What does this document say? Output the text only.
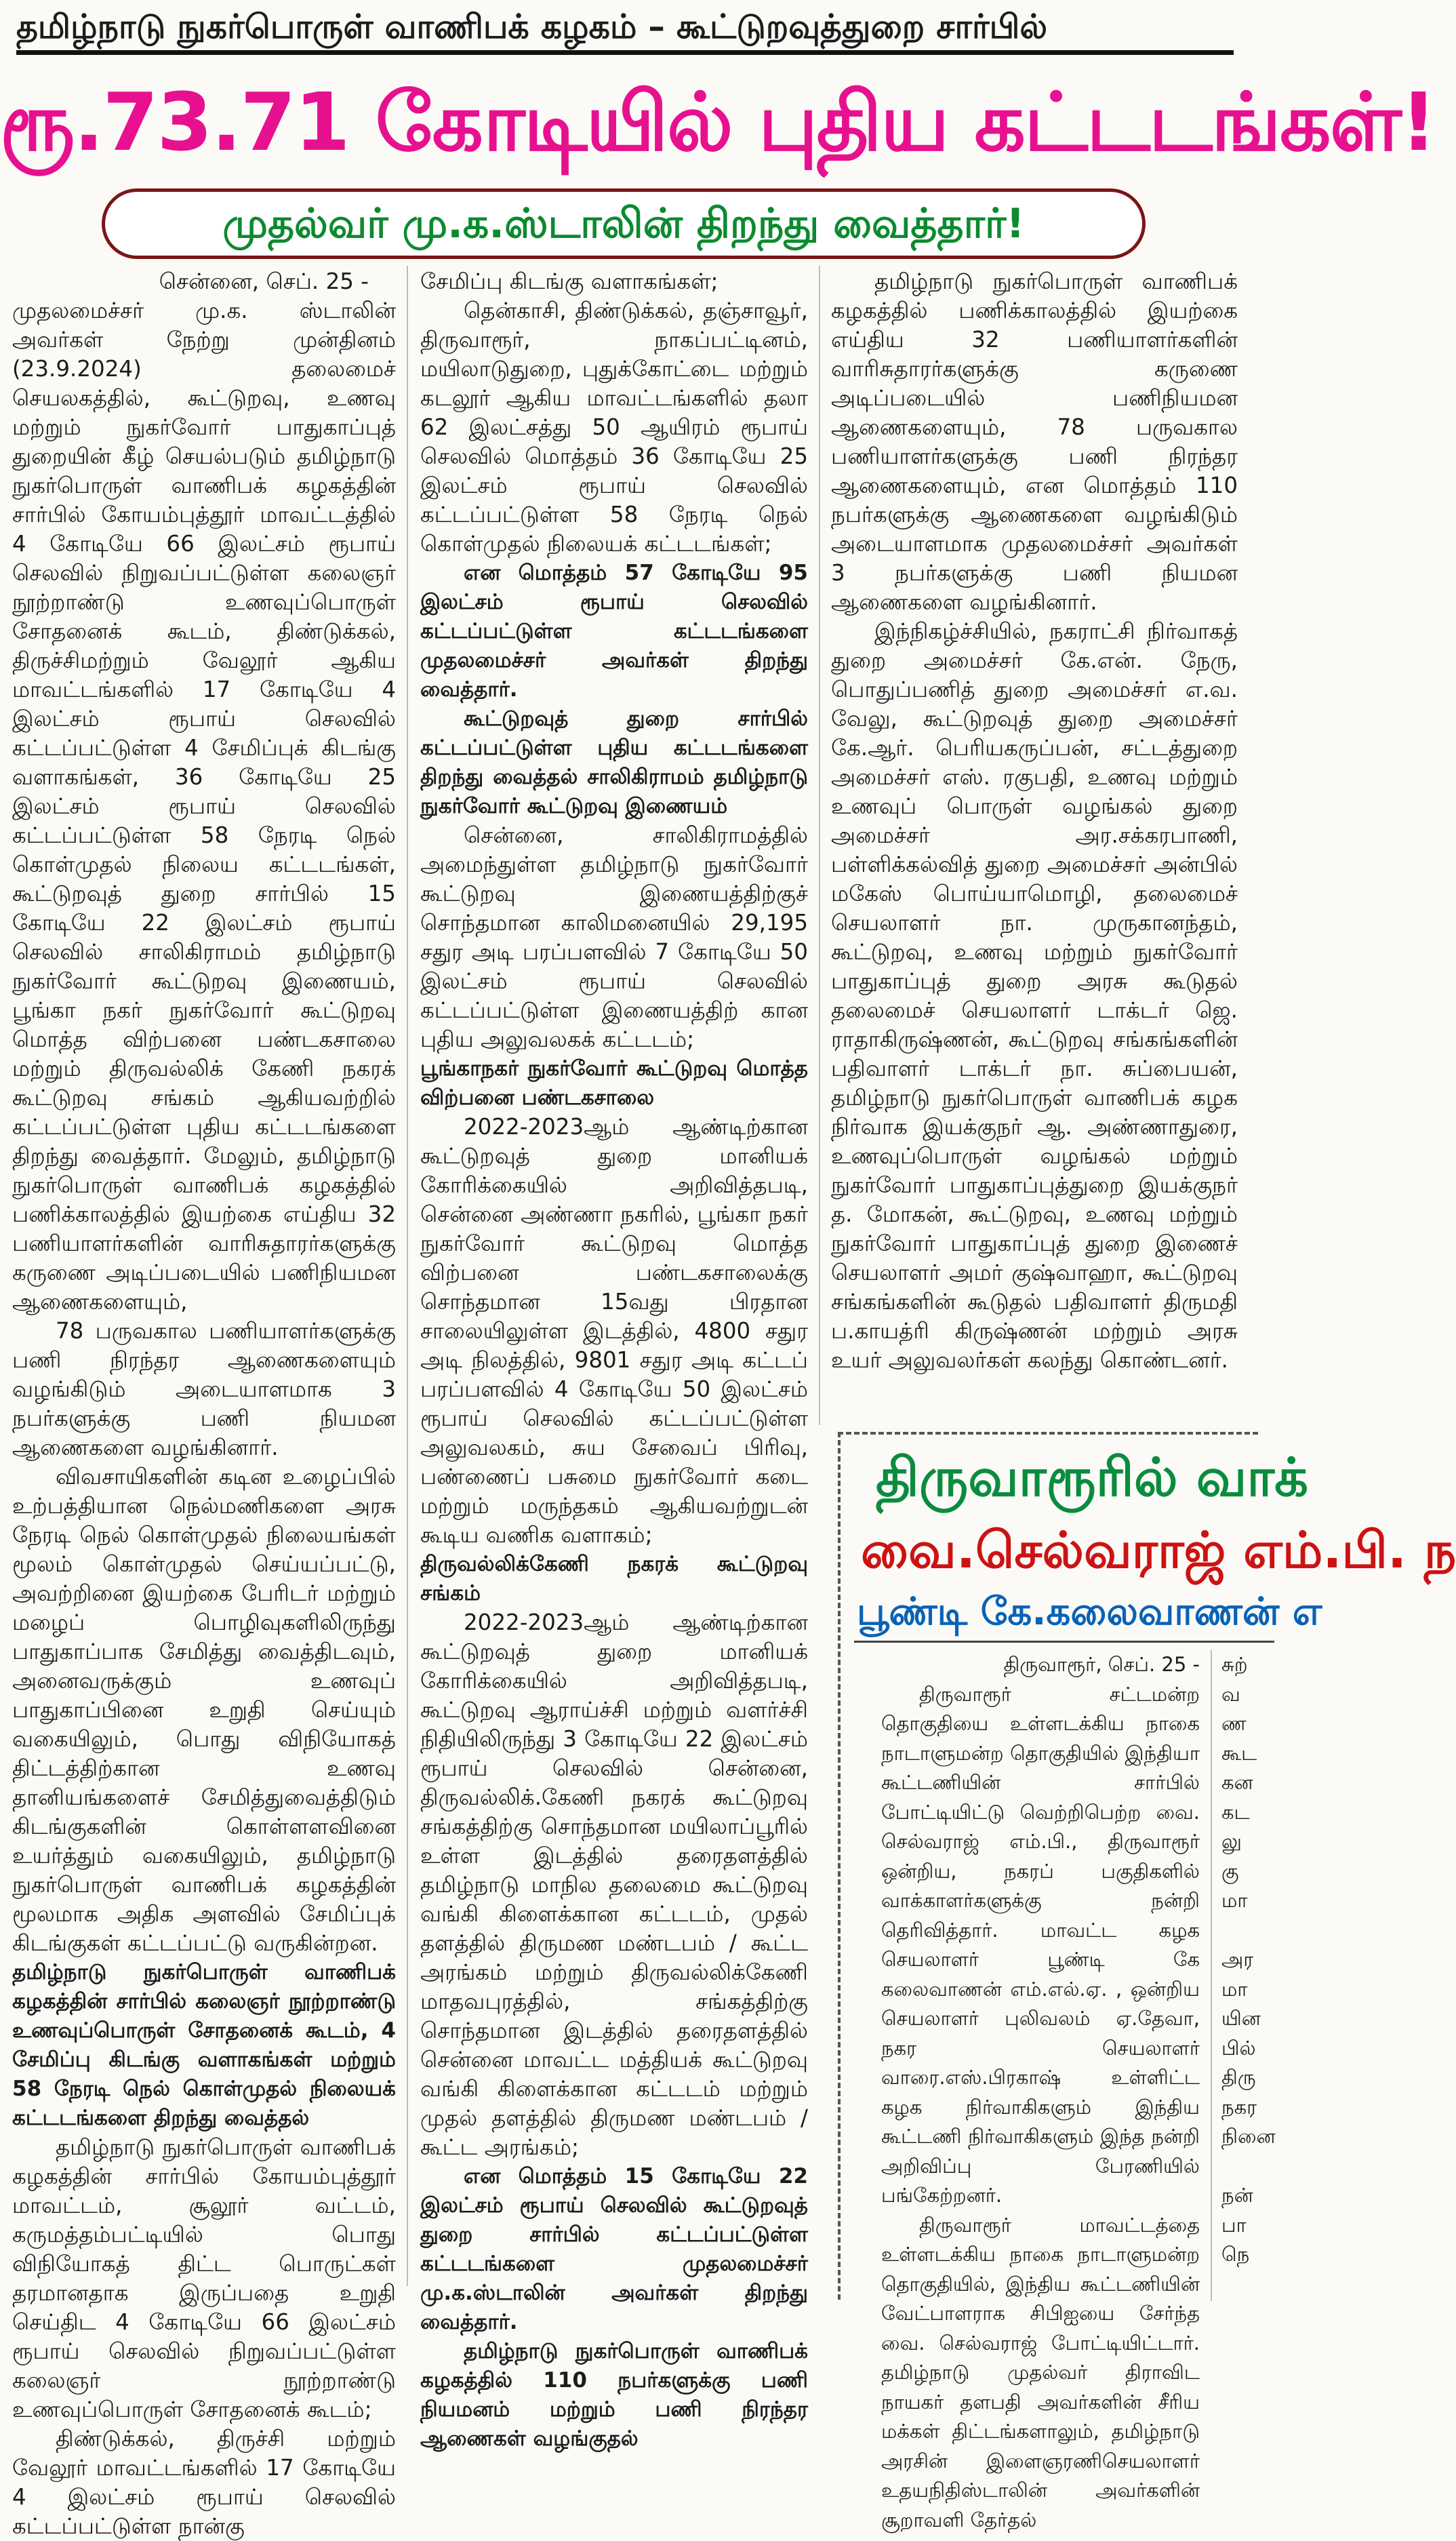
தமிழ்நாடு நுகர்பொருள் வாணிபக் கழகம் – கூட்டுறவுத்துறை சார்பில்
ரூ.73.71 கோடியில் புதிய கட்டடங்கள்!
முதல்வர் மு.க.ஸ்டாலின் திறந்து வைத்தார்!

சென்னை, செப். 25 -

முதலமைச்சர் மு.க. ஸ்டாலின் அவர்கள் நேற்று முன்தினம் (23.9.2024) தலைமைச் செயலகத்தில், கூட்டுறவு, உணவு மற்றும் நுகர்வோர் பாதுகாப்புத் துறையின் கீழ் செயல்படும் தமிழ்நாடு நுகர்பொருள் வாணிபக் கழகத்தின் சார்பில் கோயம்புத்தூர் மாவட்டத்தில் 4 கோடியே 66 இலட்சம் ரூபாய் செலவில் நிறுவப்பட்டுள்ள கலைஞர் நூற்றாண்டு உணவுப்பொருள் சோதனைக் கூடம், திண்டுக்கல், திருச்சிமற்றும் வேலூர் ஆகிய மாவட்டங்களில் 17 கோடியே 4 இலட்சம் ரூபாய் செலவில் கட்டப்பட்டுள்ள 4 சேமிப்புக் கிடங்கு வளாகங்கள், 36 கோடியே 25 இலட்சம் ரூபாய் செலவில் கட்டப்பட்டுள்ள 58 நேரடி நெல் கொள்முதல் நிலைய கட்டடங்கள், கூட்டுறவுத் துறை சார்பில் 15 கோடியே 22 இலட்சம் ரூபாய் செலவில் சாலிகிராமம் தமிழ்நாடு நுகர்வோர் கூட்டுறவு இணையம், பூங்கா நகர் நுகர்வோர் கூட்டுறவு மொத்த விற்பனை பண்டகசாலை மற்றும் திருவல்லிக் கேணி நகரக் கூட்டுறவு சங்கம் ஆகியவற்றில் கட்டப்பட்டுள்ள புதிய கட்டடங்களை திறந்து வைத்தார். மேலும், தமிழ்நாடு நுகர்பொருள் வாணிபக் கழகத்தில் பணிக்காலத்தில் இயற்கை எய்திய 32 பணியாளர்களின் வாரிசுதாரர்களுக்கு கருணை அடிப்படையில் பணிநியமன ஆணைகளையும்,

78 பருவகால பணியாளர்களுக்கு பணி நிரந்தர ஆணைகளையும் வழங்கிடும் அடையாளமாக 3 நபர்களுக்கு பணி நியமன ஆணைகளை வழங்கினார்.

விவசாயிகளின் கடின உழைப்பில் உற்பத்தியான நெல்மணிகளை அரசு நேரடி நெல் கொள்முதல் நிலையங்கள் மூலம் கொள்முதல் செய்யப்பட்டு, அவற்றினை இயற்கை பேரிடர் மற்றும் மழைப் பொழிவுகளிலிருந்து பாதுகாப்பாக சேமித்து வைத்திடவும், அனைவருக்கும் உணவுப் பாதுகாப்பினை உறுதி செய்யும் வகையிலும், பொது விநியோகத் திட்டத்திற்கான உணவு தானியங்களைச் சேமித்துவைத்திடும் கிடங்குகளின் கொள்ளளவினை உயர்த்தும் வகையிலும், தமிழ்நாடு நுகர்பொருள் வாணிபக் கழகத்தின் மூலமாக அதிக அளவில் சேமிப்புக் கிடங்குகள் கட்டப்பட்டு வருகின்றன.

தமிழ்நாடு நுகர்பொருள் வாணிபக் கழகத்தின் சார்பில் கலைஞர் நூற்றாண்டு உணவுப்பொருள் சோதனைக் கூடம், 4 சேமிப்பு கிடங்கு வளாகங்கள் மற்றும் 58 நேரடி நெல் கொள்முதல் நிலையக் கட்டடங்களை திறந்து வைத்தல்

தமிழ்நாடு நுகர்பொருள் வாணிபக் கழகத்தின் சார்பில் கோயம்புத்தூர் மாவட்டம், சூலூர் வட்டம், கருமத்தம்பட்டியில் பொது விநியோகத் திட்ட பொருட்கள் தரமானதாக இருப்பதை உறுதி செய்திட 4 கோடியே 66 இலட்சம் ரூபாய் செலவில் நிறுவப்பட்டுள்ள கலைஞர் நூற்றாண்டு உணவுப்பொருள் சோதனைக் கூடம்;

திண்டுக்கல், திருச்சி மற்றும் வேலூர் மாவட்டங்களில் 17 கோடியே 4 இலட்சம் ரூபாய் செலவில் கட்டப்பட்டுள்ள நான்கு

சேமிப்பு கிடங்கு வளாகங்கள்;

தென்காசி, திண்டுக்கல், தஞ்சாவூர், திருவாரூர், நாகப்பட்டினம், மயிலாடுதுறை, புதுக்கோட்டை மற்றும் கடலூர் ஆகிய மாவட்டங்களில் தலா 62 இலட்சத்து 50 ஆயிரம் ரூபாய் செலவில் மொத்தம் 36 கோடியே 25 இலட்சம் ரூபாய் செலவில் கட்டப்பட்டுள்ள 58 நேரடி நெல் கொள்முதல் நிலையக் கட்டடங்கள்;

என மொத்தம் 57 கோடியே 95 இலட்சம் ரூபாய் செலவில் கட்டப்பட்டுள்ள கட்டடங்களை முதலமைச்சர் அவர்கள் திறந்து வைத்தார்.

கூட்டுறவுத் துறை சார்பில் கட்டப்பட்டுள்ள புதிய கட்டடங்களை திறந்து வைத்தல் சாலிகிராமம் தமிழ்நாடு நுகர்வோர் கூட்டுறவு இணையம்

சென்னை, சாலிகிராமத்தில் அமைந்துள்ள தமிழ்நாடு நுகர்வோர் கூட்டுறவு இணையத்திற்குச் சொந்தமான காலிமனையில் 29,195 சதுர அடி பரப்பளவில் 7 கோடியே 50 இலட்சம் ரூபாய் செலவில் கட்டப்பட்டுள்ள இணையத்திற் கான புதிய அலுவலகக் கட்டடம்;

பூங்காநகர் நுகர்வோர் கூட்டுறவு மொத்த விற்பனை பண்டகசாலை

2022-2023ஆம் ஆண்டிற்கான கூட்டுறவுத் துறை மானியக் கோரிக்கையில் அறிவித்தபடி, சென்னை அண்ணா நகரில், பூங்கா நகர் நுகர்வோர் கூட்டுறவு மொத்த விற்பனை பண்டகசாலைக்கு சொந்தமான 15வது பிரதான சாலையிலுள்ள இடத்தில், 4800 சதுர அடி நிலத்தில், 9801 சதுர அடி கட்டப் பரப்பளவில் 4 கோடியே 50 இலட்சம் ரூபாய் செலவில் கட்டப்பட்டுள்ள அலுவலகம், சுய சேவைப் பிரிவு, பண்ணைப் பசுமை நுகர்வோர் கடை மற்றும் மருந்தகம் ஆகியவற்றுடன் கூடிய வணிக வளாகம்;

திருவல்லிக்கேணி நகரக் கூட்டுறவு சங்கம்

2022-2023ஆம் ஆண்டிற்கான கூட்டுறவுத் துறை மானியக் கோரிக்கையில் அறிவித்தபடி, கூட்டுறவு ஆராய்ச்சி மற்றும் வளர்ச்சி நிதியிலிருந்து 3 கோடியே 22 இலட்சம் ரூபாய் செலவில் சென்னை, திருவல்லிக்.கேணி நகரக் கூட்டுறவு சங்கத்திற்கு சொந்தமான மயிலாப்பூரில் உள்ள இடத்தில் தரைதளத்தில் தமிழ்நாடு மாநில தலைமை கூட்டுறவு வங்கி கிளைக்கான கட்டடம், முதல் தளத்தில் திருமண மண்டபம் / கூட்ட அரங்கம் மற்றும் திருவல்லிக்கேணி மாதவபுரத்தில், சங்கத்திற்கு சொந்தமான இடத்தில் தரைதளத்தில் சென்னை மாவட்ட மத்தியக் கூட்டுறவு வங்கி கிளைக்கான கட்டடம் மற்றும் முதல் தளத்தில் திருமண மண்டபம் / கூட்ட அரங்கம்;

என மொத்தம் 15 கோடியே 22 இலட்சம் ரூபாய் செலவில் கூட்டுறவுத் துறை சார்பில் கட்டப்பட்டுள்ள கட்டடங்களை முதலமைச்சர் மு.க.ஸ்டாலின் அவர்கள் திறந்து வைத்தார்.

தமிழ்நாடு நுகர்பொருள் வாணிபக் கழகத்தில் 110 நபர்களுக்கு பணி நியமனம் மற்றும் பணி நிரந்தர ஆணைகள் வழங்குதல்

தமிழ்நாடு நுகர்பொருள் வாணிபக் கழகத்தில் பணிக்காலத்தில் இயற்கை எய்திய 32 பணியாளர்களின் வாரிசுதாரர்களுக்கு கருணை அடிப்படையில் பணிநியமன ஆணைகளையும், 78 பருவகால பணியாளர்களுக்கு பணி நிரந்தர ஆணைகளையும், என மொத்தம் 110 நபர்களுக்கு ஆணைகளை வழங்கிடும் அடையாளமாக முதலமைச்சர் அவர்கள் 3 நபர்களுக்கு பணி நியமன ஆணைகளை வழங்கினார்.

இந்நிகழ்ச்சியில், நகராட்சி நிர்வாகத் துறை அமைச்சர் கே.என். நேரு, பொதுப்பணித் துறை அமைச்சர் எ.வ. வேலு, கூட்டுறவுத் துறை அமைச்சர் கே.ஆர். பெரியகருப்பன், சட்டத்துறை அமைச்சர் எஸ். ரகுபதி, உணவு மற்றும் உணவுப் பொருள் வழங்கல் துறை அமைச்சர் அர.சக்கரபாணி, பள்ளிக்கல்வித் துறை அமைச்சர் அன்பில் மகேஸ் பொய்யாமொழி, தலைமைச் செயலாளர் நா. முருகானந்தம், கூட்டுறவு, உணவு மற்றும் நுகர்வோர் பாதுகாப்புத் துறை அரசு கூடுதல் தலைமைச் செயலாளர் டாக்டர் ஜெ. ராதாகிருஷ்ணன், கூட்டுறவு சங்கங்களின் பதிவாளர் டாக்டர் நா. சுப்பையன், தமிழ்நாடு நுகர்பொருள் வாணிபக் கழக நிர்வாக இயக்குநர் ஆ. அண்ணாதுரை, உணவுப்பொருள் வழங்கல் மற்றும் நுகர்வோர் பாதுகாப்புத்துறை இயக்குநர் த. மோகன், கூட்டுறவு, உணவு மற்றும் நுகர்வோர் பாதுகாப்புத் துறை இணைச் செயலாளர் அமர் குஷ்வாஹா, கூட்டுறவு சங்கங்களின் கூடுதல் பதிவாளர் திருமதி ப.காயத்ரி கிருஷ்ணன் மற்றும் அரசு உயர் அலுவலர்கள் கலந்து கொண்டனர்.

திருவாரூரில் வாக்
வை.செல்வராஜ் எம்.பி. ந
பூண்டி கே.கலைவாணன் எ

திருவாரூர், செப். 25 -

திருவாரூர் சட்டமன்ற தொகுதியை உள்ளடக்கிய நாகை நாடாளுமன்ற தொகுதியில் இந்தியா கூட்டணியின் சார்பில் போட்டியிட்டு வெற்றிபெற்ற வை. செல்வராஜ் எம்.பி., திருவாரூர் ஒன்றிய, நகரப் பகுதிகளில் வாக்காளர்களுக்கு நன்றி தெரிவித்தார். மாவட்ட கழக செயலாளர் பூண்டி கே கலைவாணன் எம்.எல்.ஏ. , ஒன்றிய செயலாளர் புலிவலம் ஏ.தேவா, நகர செயலாளர் வாரை.எஸ்.பிரகாஷ் உள்ளிட்ட கழக நிர்வாகிகளும் இந்திய கூட்டணி நிர்வாகிகளும் இந்த நன்றி அறிவிப்பு பேரணியில் பங்கேற்றனர்.

திருவாரூர் மாவட்டத்தை உள்ளடக்கிய நாகை நாடாளுமன்ற தொகுதியில், இந்திய கூட்டணியின் வேட்பாளராக சிபிஐயை சேர்ந்த வை. செல்வராஜ் போட்டியிட்டார். தமிழ்நாடு முதல்வர் திராவிட நாயகர் தளபதி அவர்களின் சீரிய மக்கள் திட்டங்களாலும், தமிழ்நாடு அரசின் இளைஞரணிசெயலாளர் உதயநிதிஸ்டாலின் அவர்களின் சூறாவளி தேர்தல்

சுற்
வ
ண
கூட
கன
கட
லு
கு
மா

அர
மா
யின
பில்
திரு
நகர
நினை

நன்
பா
நெ
